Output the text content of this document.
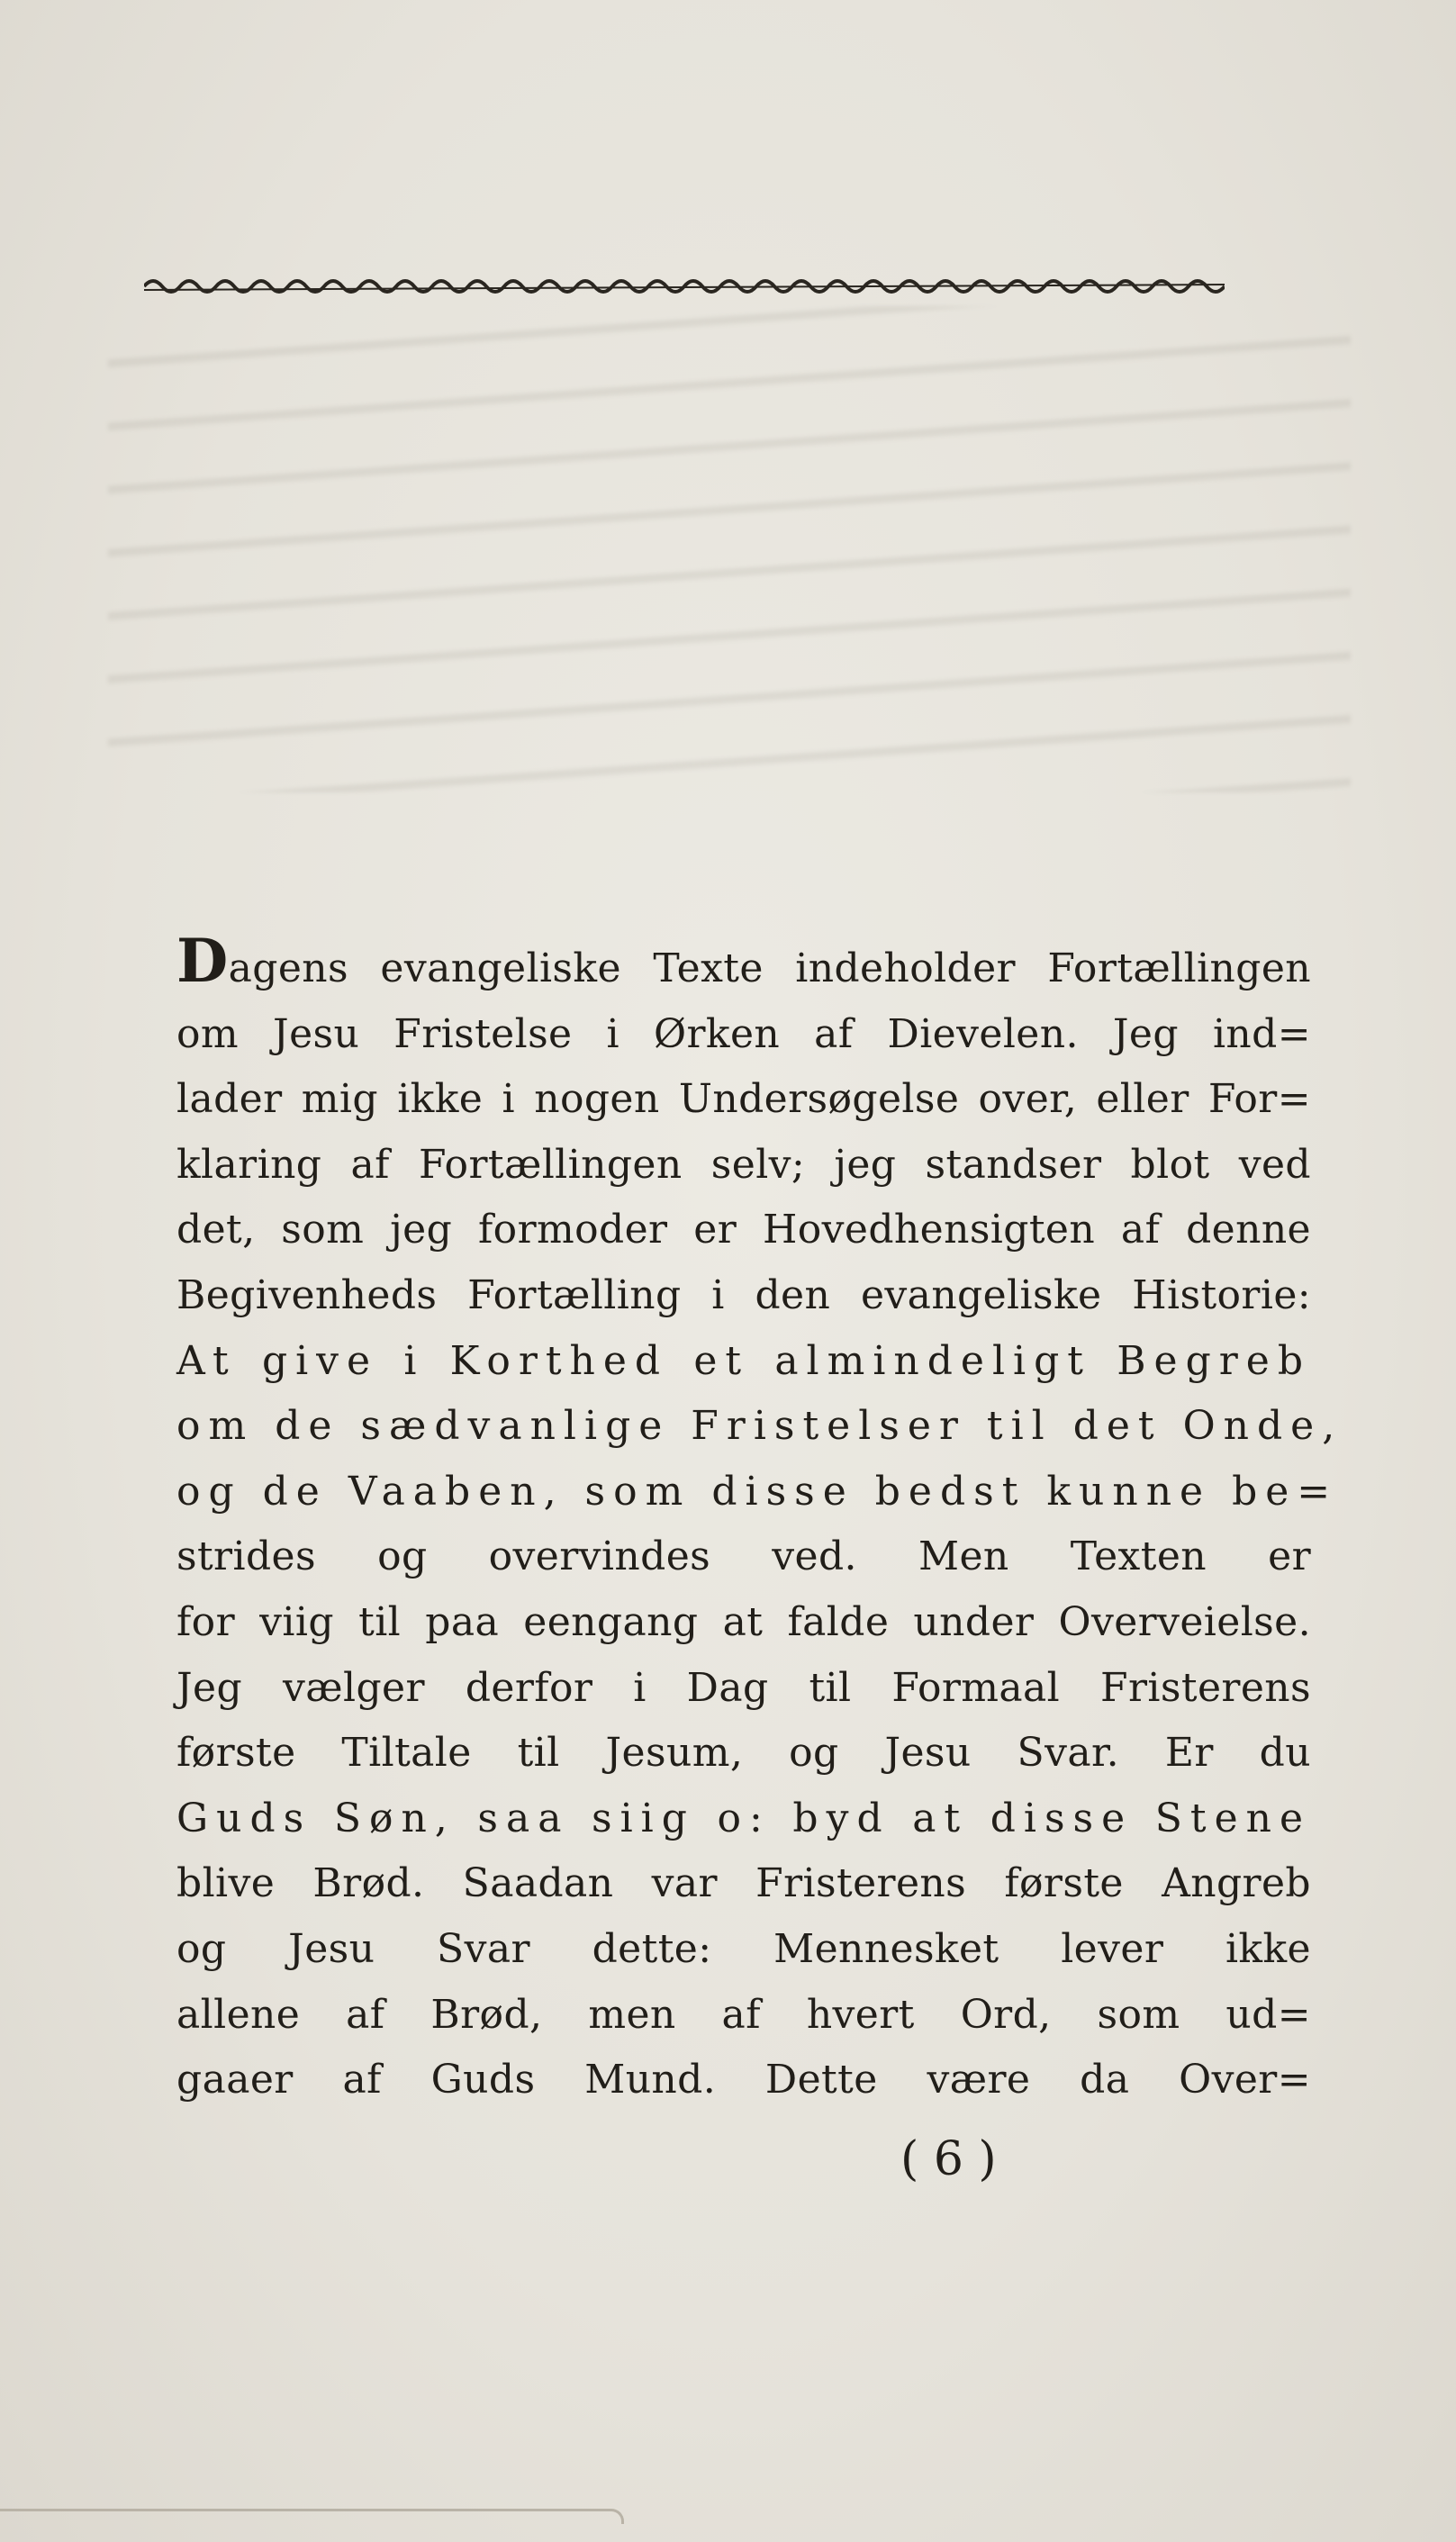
Dagens evangeliske Texte indeholder Fortællingen
om Jesu Fristelse i Ørken af Dievelen. Jeg ind=
lader mig ikke i nogen Undersøgelse over, eller For=
klaring af Fortællingen selv; jeg standser blot ved
det, som jeg formoder er Hovedhensigten af denne
Begivenheds Fortælling i den evangeliske Historie:
At give i Korthed et almindeligt Begreb
om de sædvanlige Fristelser til det Onde,
og de Vaaben, som disse bedst kunne be=
strides og overvindes ved. Men Texten er
for viig til paa eengang at falde under Overveielse.
Jeg vælger derfor i Dag til Formaal Fristerens
første Tiltale til Jesum, og Jesu Svar. Er du
Guds Søn, saa siig o: byd at disse Stene
blive Brød. Saadan var Fristerens første Angreb
og Jesu Svar dette: Mennesket lever ikke
allene af Brød, men af hvert Ord, som ud=
gaaer af Guds Mund. Dette være da Over=
( 6 )
